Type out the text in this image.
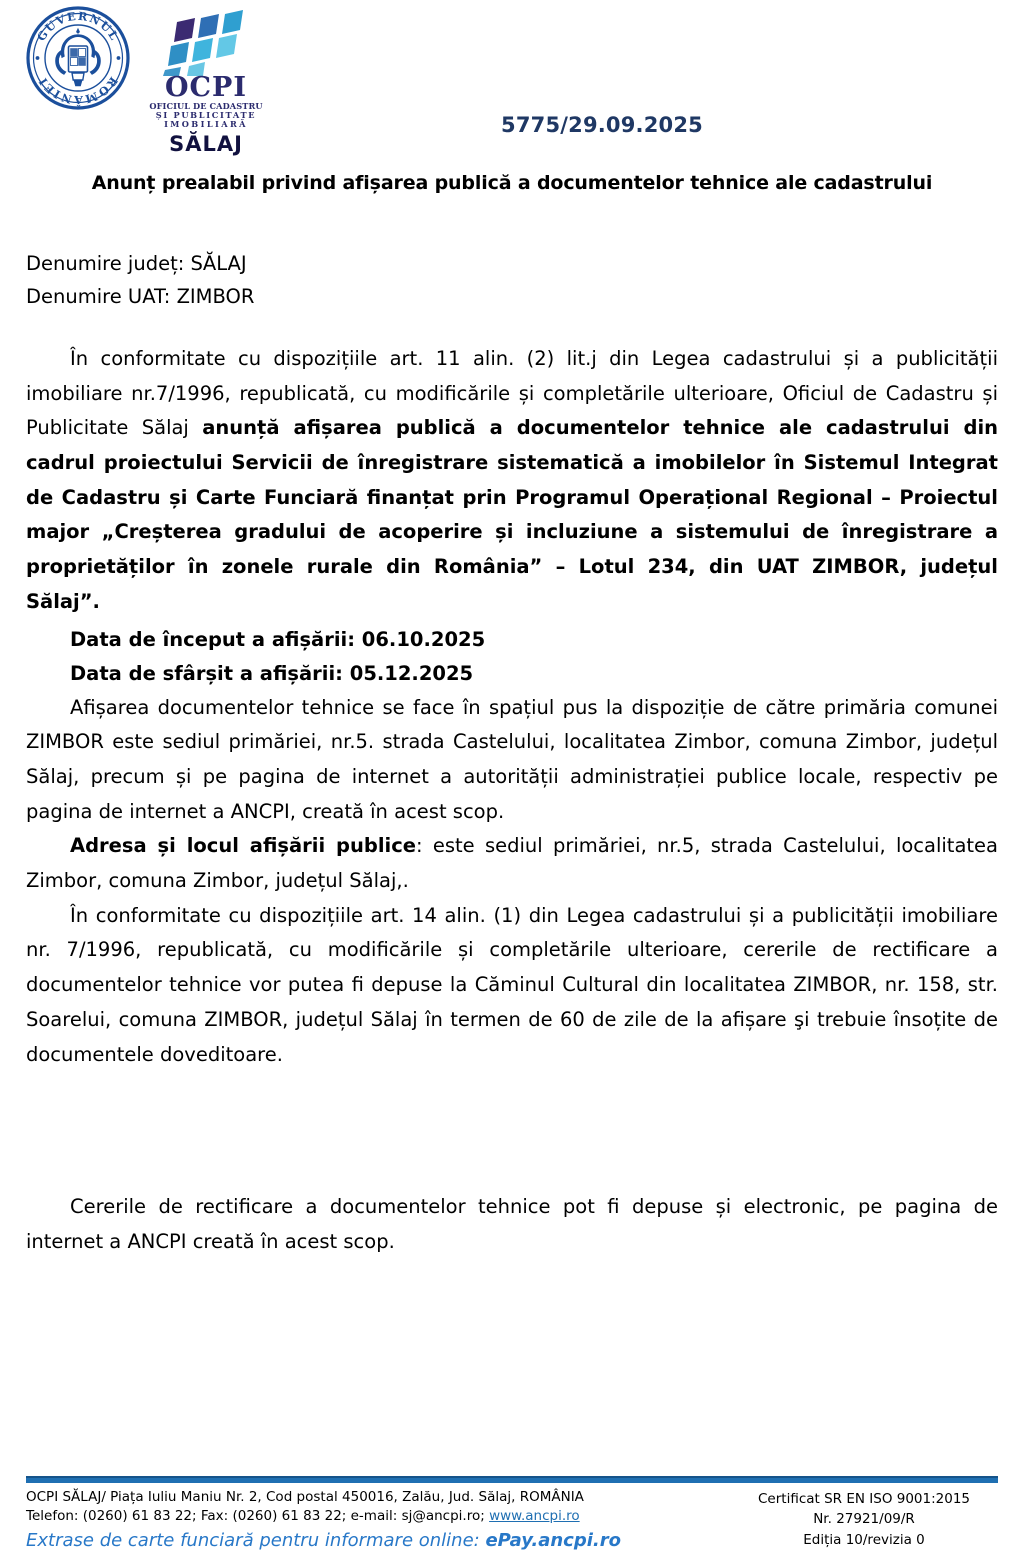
GUVERNUL
ROMÂNIEI	OCPI
OFICIUL DE CADASTRU
ȘI PUBLICITATE
IMOBILIARĂ
SĂLAJ
5775/29.09.2025
Anunț prealabil privind afișarea publică a documentelor tehnice ale cadastrului
Denumire județ: SĂLAJ
Denumire UAT: ZIMBOR

În conformitate cu dispozițiile art. 11 alin. (2) lit.j din Legea cadastrului și a publicității imobiliare nr.7/1996, republicată, cu modificările și completările ulterioare, Oficiul de Cadastru și Publicitate Sălaj anunță afișarea publică a documentelor tehnice ale cadastrului din cadrul proiectului Servicii de înregistrare sistematică a imobilelor în Sistemul Integrat de Cadastru și Carte Funciară finanțat prin Programul Operațional Regional – Proiectul major „Creșterea gradului de acoperire și incluziune a sistemului de înregistrare a proprietăților în zonele rurale din România” – Lotul 234, din UAT ZIMBOR, județul Sălaj”.

Data de început a afișării: 06.10.2025
Data de sfârșit a afișării: 05.12.2025

Afișarea documentelor tehnice se face în spațiul pus la dispoziție de către primăria comunei ZIMBOR este sediul primăriei, nr.5. strada Castelului, localitatea Zimbor, comuna Zimbor, județul Sălaj, precum și pe pagina de internet a autorității administrației publice locale, respectiv pe pagina de internet a ANCPI, creată în acest scop.

Adresa și locul afișării publice: este sediul primăriei, nr.5, strada Castelului, localitatea Zimbor, comuna Zimbor, județul Sălaj,.

În conformitate cu dispozițiile art. 14 alin. (1) din Legea cadastrului și a publicității imobiliare nr. 7/1996, republicată, cu modificările și completările ulterioare, cererile de rectificare a documentelor tehnice vor putea fi depuse la Căminul Cultural din localitatea ZIMBOR, nr. 158, str. Soarelui, comuna ZIMBOR, județul Sălaj în termen de 60 de zile de la afișare şi trebuie însoțite de documentele doveditoare.

Cererile de rectificare a documentelor tehnice pot fi depuse și electronic, pe pagina de internet a ANCPI creată în acest scop.

OCPI SĂLAJ/ Piața Iuliu Maniu Nr. 2, Cod postal 450016, Zalău, Jud. Sălaj, ROMÂNIA
Telefon: (0260) 61 83 22; Fax: (0260) 61 83 22; e-mail: sj@ancpi.ro; www.ancpi.ro
Extrase de carte funciară pentru informare online: ePay.ancpi.ro
Certificat SR EN ISO 9001:2015
Nr. 27921/09/R
Ediția 10/revizia 0
